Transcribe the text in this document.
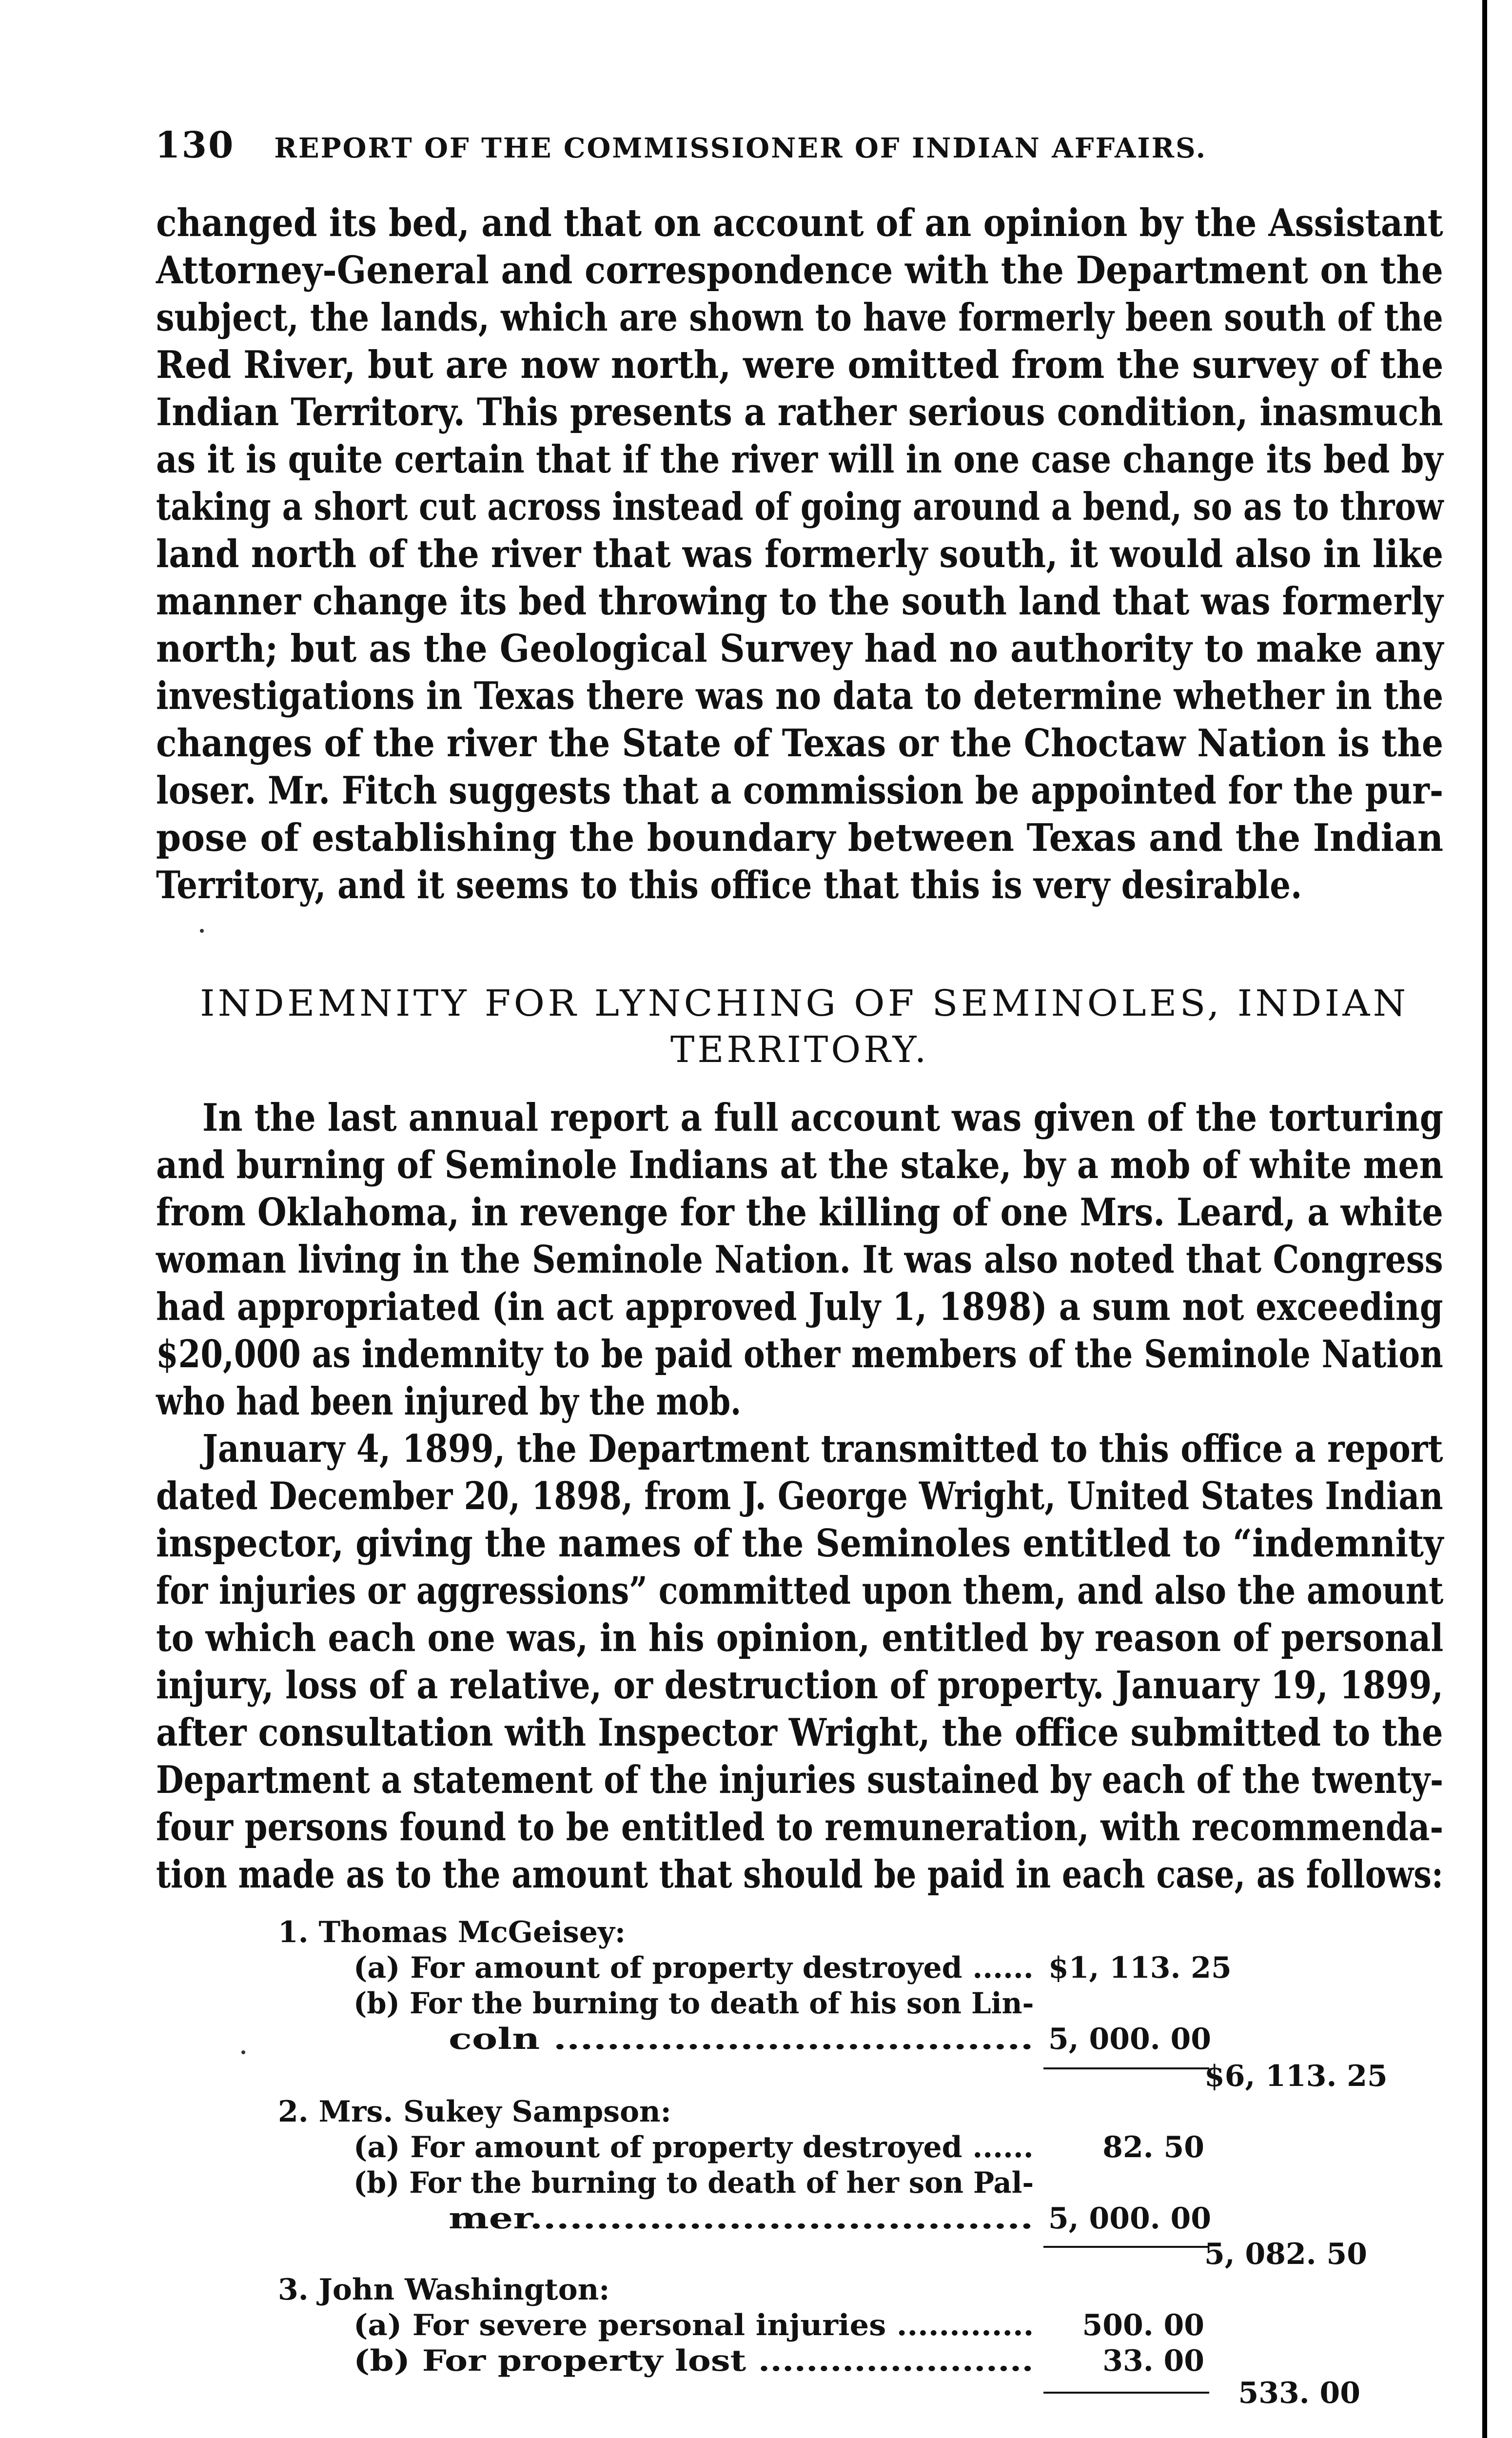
130 REPORT OF THE COMMISSIONER OF INDIAN AFFAIRS.
changed its bed, and that on account of an opinion by the Assistant
Attorney-General and correspondence with the Department on the
subject, the lands, which are shown to have formerly been south of the
Red River, but are now north, were omitted from the survey of the
Indian Territory. This presents a rather serious condition, inasmuch
as it is quite certain that if the river will in one case change its bed by
taking a short cut across instead of going around a bend, so as to throw
land north of the river that was formerly south, it would also in like
manner change its bed throwing to the south land that was formerly
north; but as the Geological Survey had no authority to make any
investigations in Texas there was no data to determine whether in the
changes of the river the State of Texas or the Choctaw Nation is the
loser. Mr. Fitch suggests that a commission be appointed for the pur-
pose of establishing the boundary between Texas and the Indian
Territory, and it seems to this office that this is very desirable.
INDEMNITY FOR LYNCHING OF SEMINOLES, INDIAN
TERRITORY.
In the last annual report a full account was given of the torturing
and burning of Seminole Indians at the stake, by a mob of white men
from Oklahoma, in revenge for the killing of one Mrs. Leard, a white
woman living in the Seminole Nation. It was also noted that Congress
had appropriated (in act approved July 1, 1898) a sum not exceeding
$20,000 as indemnity to be paid other members of the Seminole Nation
who had been injured by the mob.
January 4, 1899, the Department transmitted to this office a report
dated December 20, 1898, from J. George Wright, United States Indian
inspector, giving the names of the Seminoles entitled to “indemnity
for injuries or aggressions” committed upon them, and also the amount
to which each one was, in his opinion, entitled by reason of personal
injury, loss of a relative, or destruction of property. January 19, 1899,
after consultation with Inspector Wright, the office submitted to the
Department a statement of the injuries sustained by each of the twenty-
four persons found to be entitled to remuneration, with recommenda-
tion made as to the amount that should be paid in each case, as follows:
1. Thomas McGeisey:
(a) For amount of property destroyed ...... $1, 113. 25
(b) For the burning to death of his son Lin-
coln .................................... 5, 000. 00
$6, 113. 25
2. Mrs. Sukey Sampson:
(a) For amount of property destroyed ......	82. 50
(b) For the burning to death of her son Pal-
mer...................................... 5, 000. 00
5, 082. 50
3. John Washington:
(a) For severe personal injuries .............	500. 00
(b) For property lost .......................	33. 00
533. 00
